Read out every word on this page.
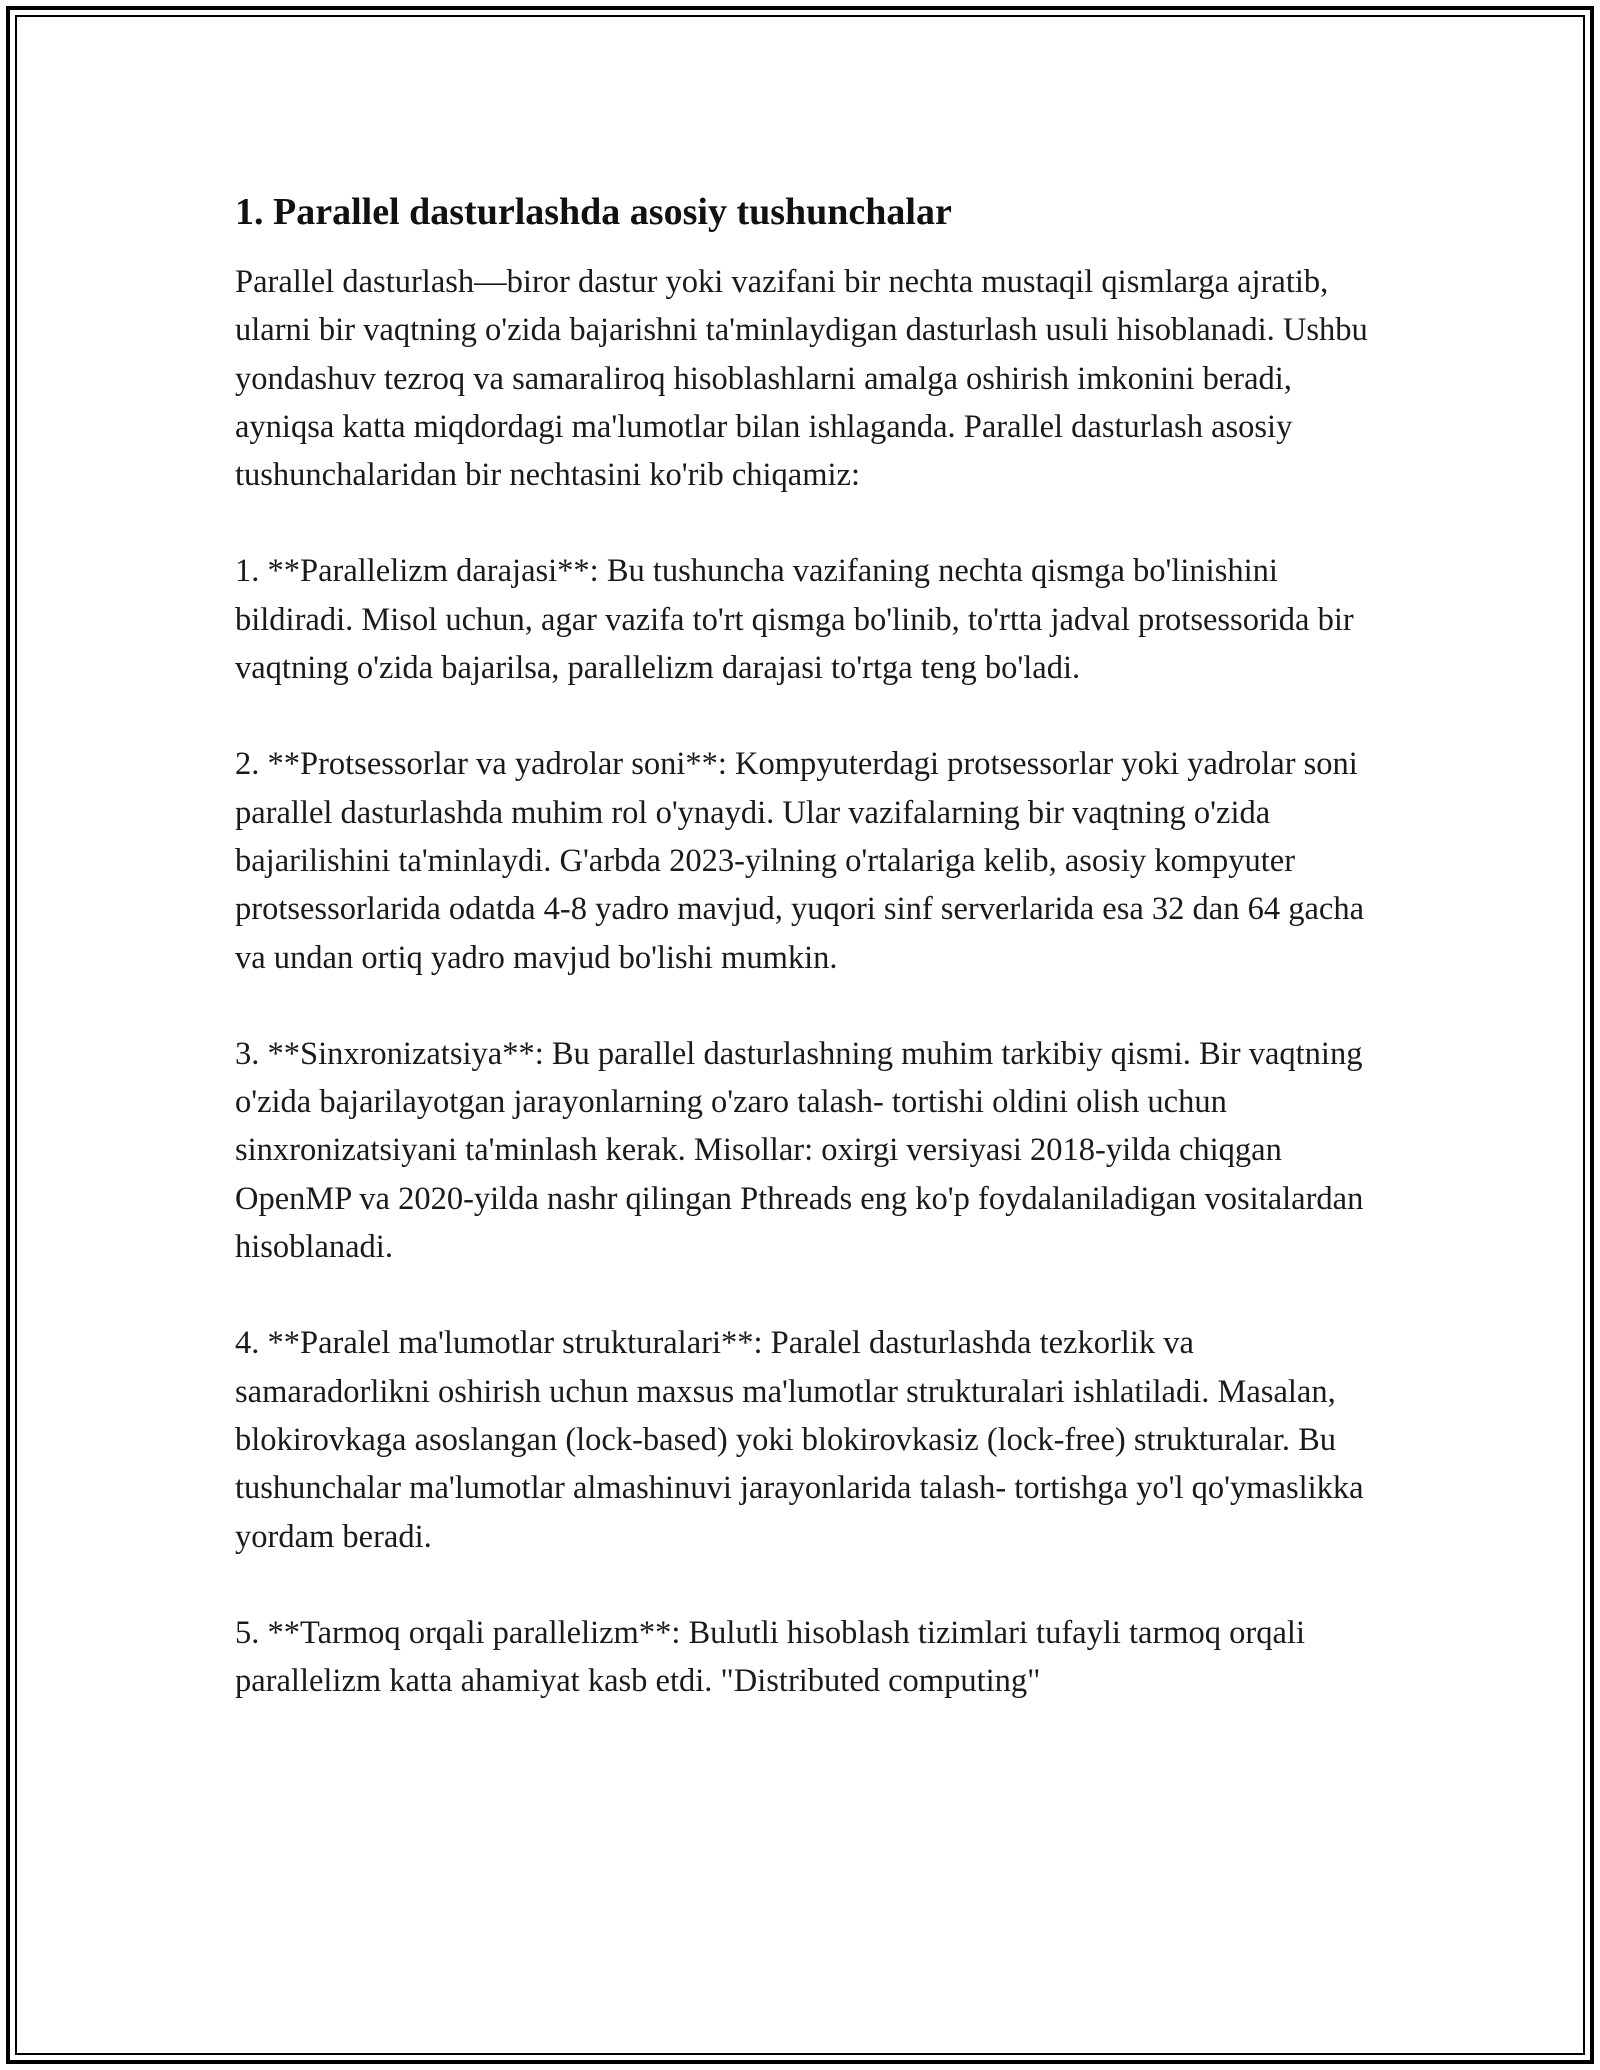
1. Parallel dasturlashda asosiy tushunchalar

Parallel dasturlash—biror dastur yoki vazifani bir nechta mustaqil qismlarga ajratib, ularni bir vaqtning o'zida bajarishni ta'minlaydigan dasturlash usuli hisoblanadi. Ushbu yondashuv tezroq va samaraliroq hisoblashlarni amalga oshirish imkonini beradi, ayniqsa katta miqdordagi ma'lumotlar bilan ishlaganda. Parallel dasturlash asosiy tushunchalaridan bir nechtasini ko'rib chiqamiz:

1. **Parallelizm darajasi**: Bu tushuncha vazifaning nechta qismga bo'linishini bildiradi. Misol uchun, agar vazifa to'rt qismga bo'linib, to'rtta jadval protsessorida bir vaqtning o'zida bajarilsa, parallelizm darajasi to'rtga teng bo'ladi.

2. **Protsessorlar va yadrolar soni**: Kompyuterdagi protsessorlar yoki yadrolar soni parallel dasturlashda muhim rol o'ynaydi. Ular vazifalarning bir vaqtning o'zida bajarilishini ta'minlaydi. G'arbda 2023-yilning o'rtalariga kelib, asosiy kompyuter protsessorlarida odatda 4-8 yadro mavjud, yuqori sinf serverlarida esa 32 dan 64 gacha va undan ortiq yadro mavjud bo'lishi mumkin.

3. **Sinxronizatsiya**: Bu parallel dasturlashning muhim tarkibiy qismi. Bir vaqtning o'zida bajarilayotgan jarayonlarning o'zaro talash- tortishi oldini olish uchun sinxronizatsiyani ta'minlash kerak. Misollar: oxirgi versiyasi 2018-yilda chiqgan OpenMP va 2020-yilda nashr qilingan Pthreads eng ko'p foydalaniladigan vositalardan hisoblanadi.

4. **Paralel ma'lumotlar strukturalari**: Paralel dasturlashda tezkorlik va samaradorlikni oshirish uchun maxsus ma'lumotlar strukturalari ishlatiladi. Masalan, blokirovkaga asoslangan (lock-based) yoki blokirovkasiz (lock-free) strukturalar. Bu tushunchalar ma'lumotlar almashinuvi jarayonlarida talash- tortishga yo'l qo'ymaslikka yordam beradi.

5. **Tarmoq orqali parallelizm**: Bulutli hisoblash tizimlari tufayli tarmoq orqali parallelizm katta ahamiyat kasb etdi. "Distributed computing"
